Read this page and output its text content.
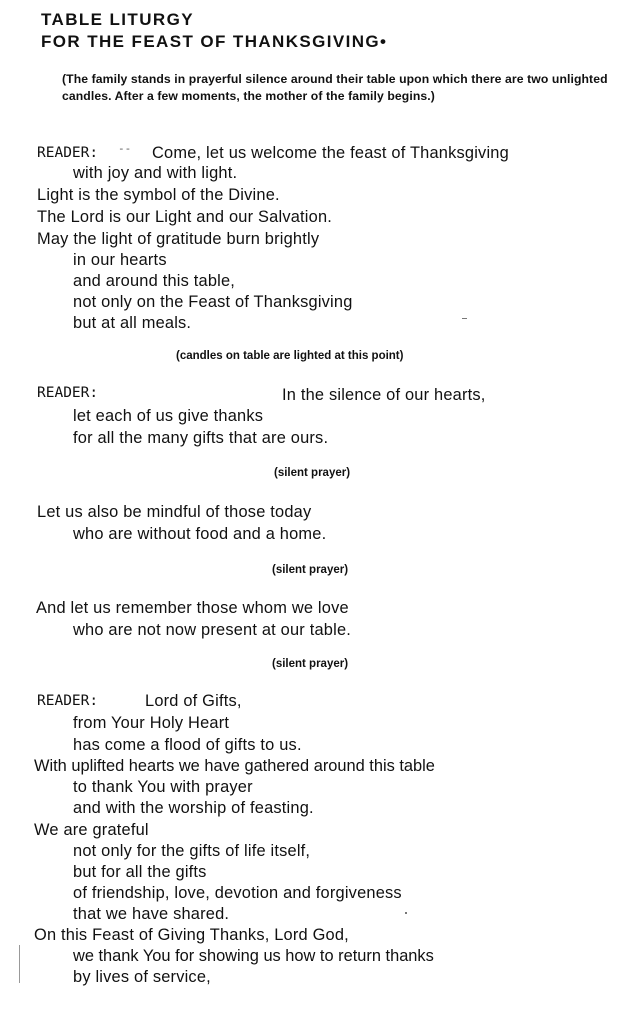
TABLE LITURGY
FOR THE FEAST OF THANKSGIVING•
(The family stands in prayerful silence around their table upon which there are two unlighted candles. After a few moments, the mother of the family begins.)
READER: -- Come, let us welcome the feast of Thanksgiving
with joy and with light.
Light is the symbol of the Divine.
The Lord is our Light and our Salvation.
May the light of gratitude burn brightly
in our hearts
and around this table,
not only on the Feast of Thanksgiving
but at all meals.
(candles on table are lighted at this point)
READER:	In the silence of our hearts,
let each of us give thanks
for all the many gifts that are ours.
(silent prayer)
Let us also be mindful of those today
who are without food and a home.
(silent prayer)
And let us remember those whom we love
who are not now present at our table.
(silent prayer)
READER:	Lord of Gifts,
from Your Holy Heart
has come a flood of gifts to us.
With uplifted hearts we have gathered around this table
to thank You with prayer
and with the worship of feasting.
We are grateful
not only for the gifts of life itself,
but for all the gifts
of friendship, love, devotion and forgiveness
that we have shared.
On this Feast of Giving Thanks, Lord God,
we thank You for showing us how to return thanks
by lives of service,
